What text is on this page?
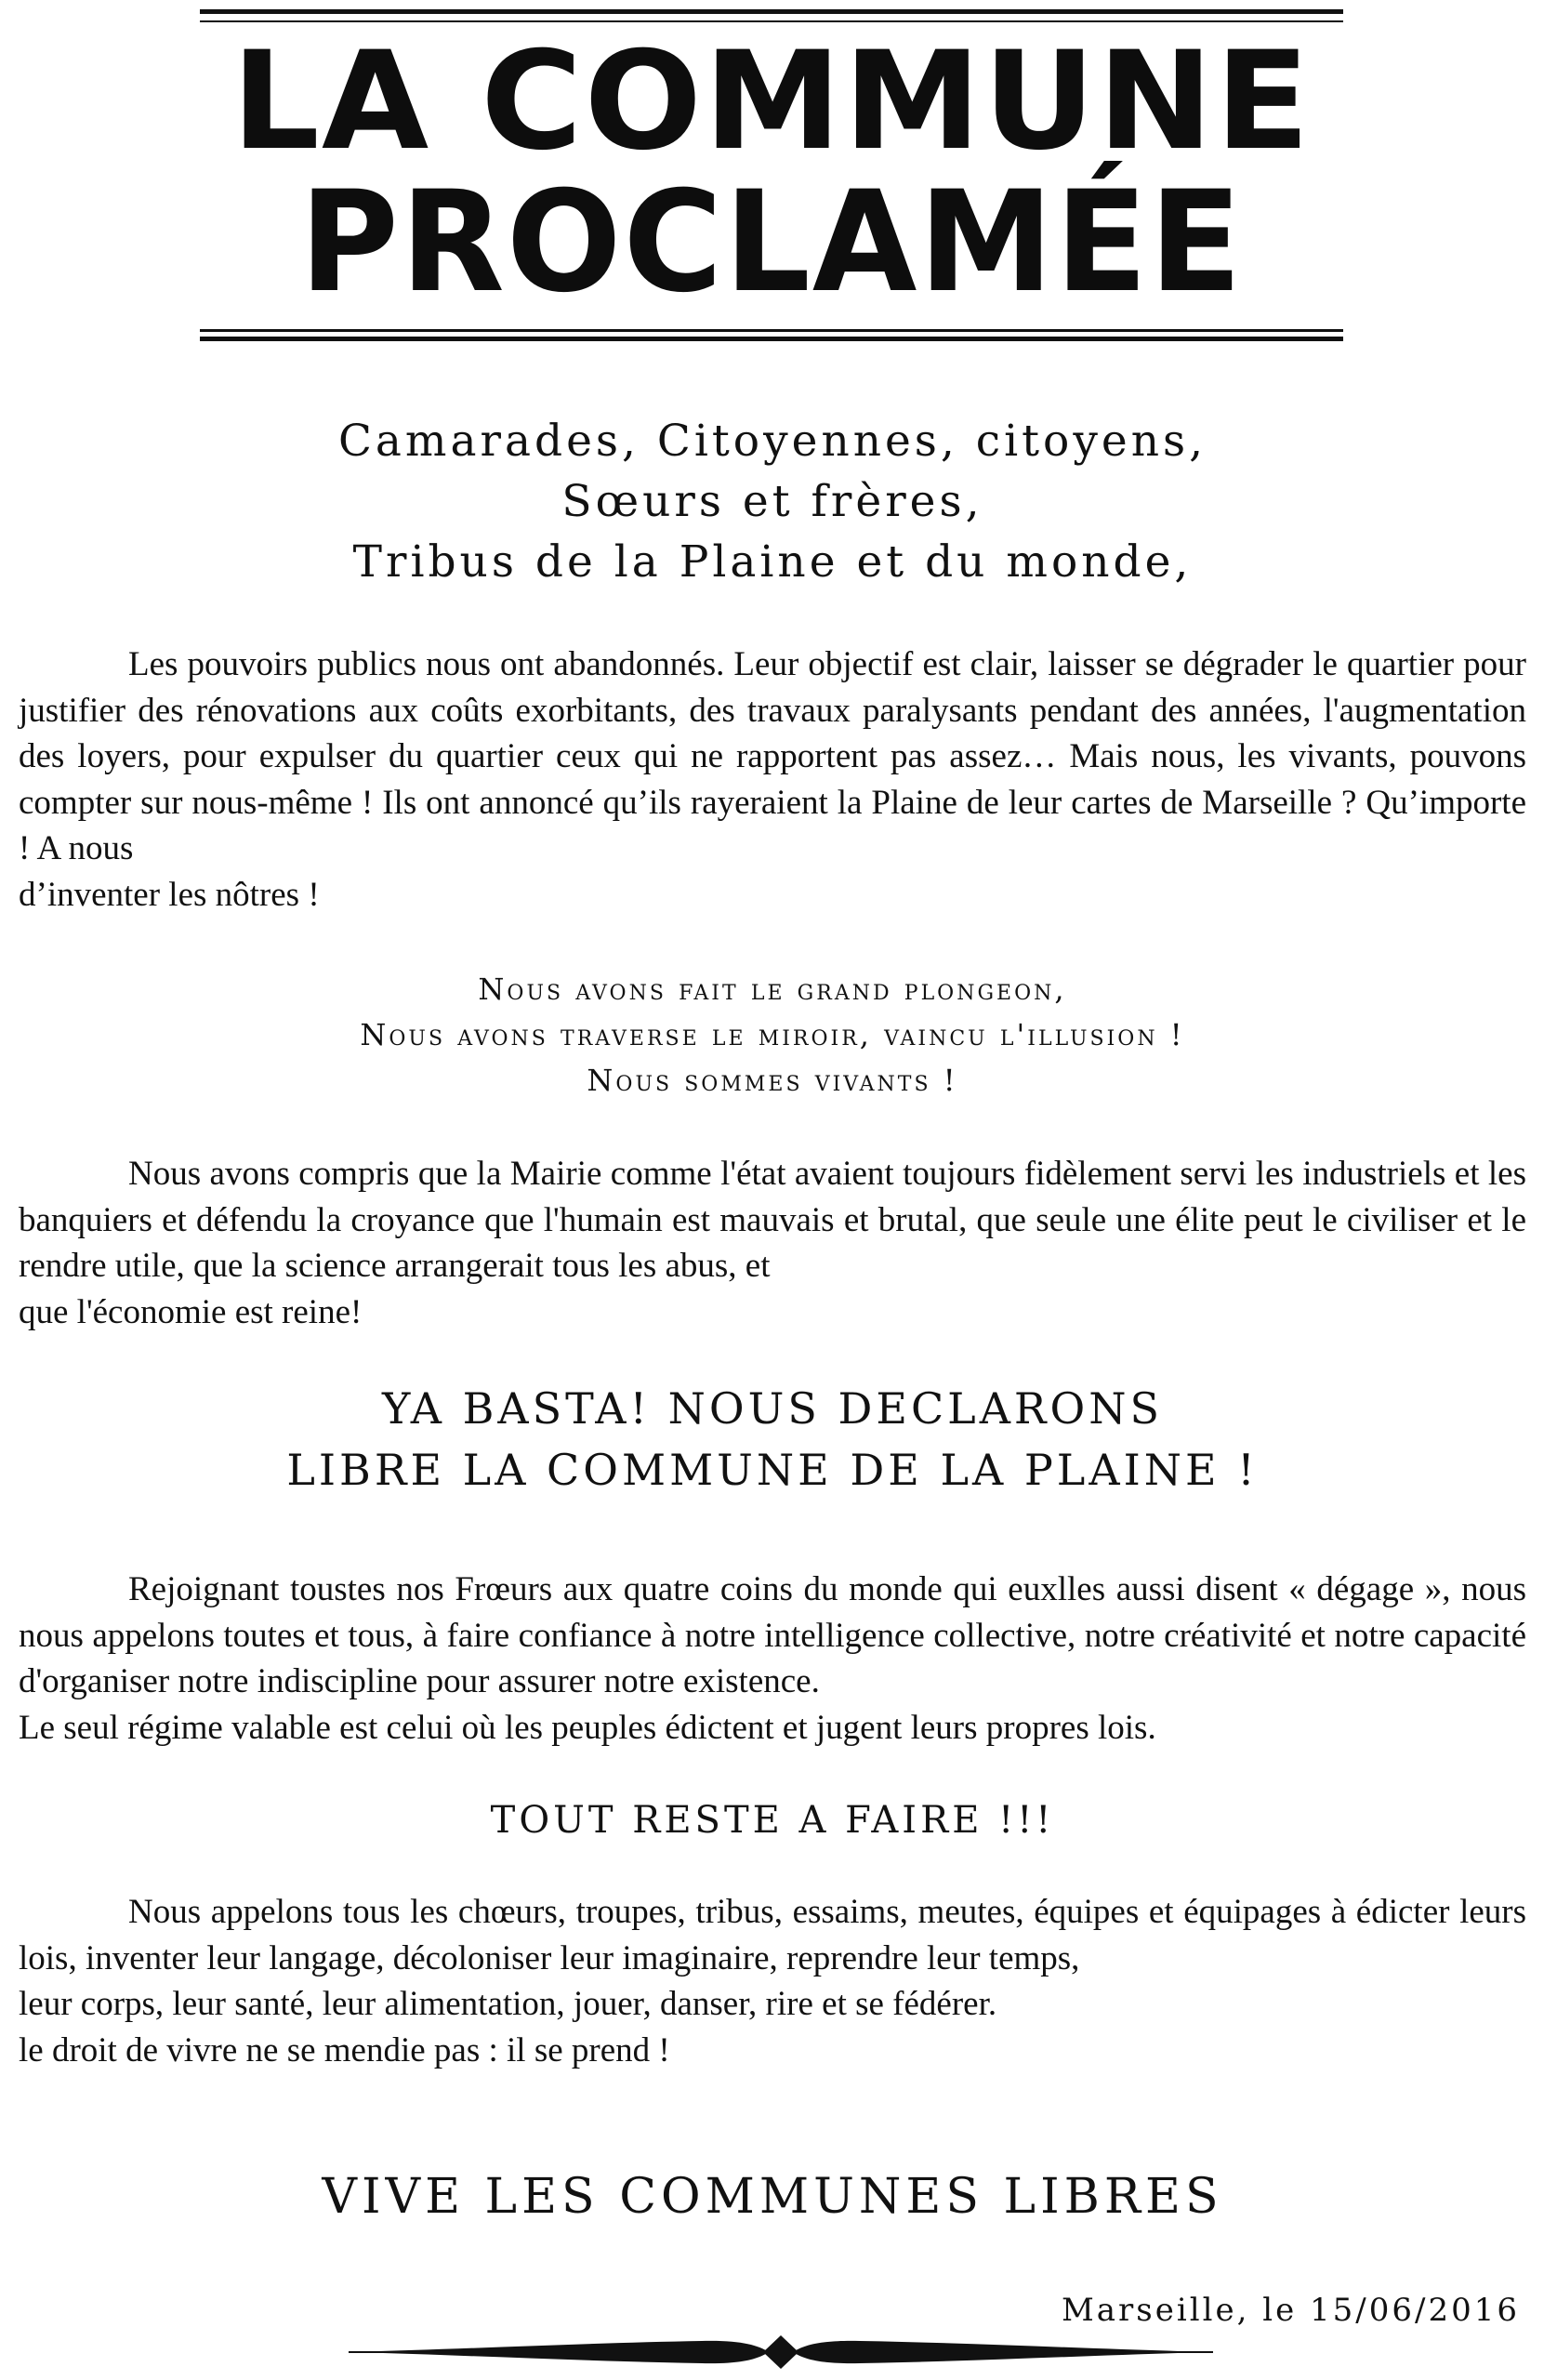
LA COMMUNE
PROCLAMÉE
Camarades, Citoyennes, citoyens,
Sœurs et frères,
Tribus de la Plaine et du monde,
Les pouvoirs publics nous ont abandonnés. Leur objectif est clair, laisser se dégrader le quartier pour justifier des rénovations aux coûts exorbitants, des travaux paralysants pendant des années, l'augmentation des loyers, pour expulser du quartier ceux qui ne rapportent pas assez… Mais nous, les vivants, pouvons compter sur nous-même ! Ils ont annoncé qu’ils rayeraient la Plaine de leur cartes de Marseille ? Qu’importe ! A nous
d’inventer les nôtres !
Nous avons fait le grand plongeon,
Nous avons traverse le miroir, vaincu l'illusion !
Nous sommes vivants !
Nous avons compris que la Mairie comme l'état avaient toujours fidèlement servi les industriels et les banquiers et défendu la croyance que l'humain est mauvais et brutal, que seule une élite peut le civiliser et le rendre utile, que la science arrangerait tous les abus, et
que l'économie est reine!
YA BASTA! NOUS DECLARONS
LIBRE LA COMMUNE DE LA PLAINE !
Rejoignant toustes nos Frœurs aux quatre coins du monde qui euxlles aussi disent « dégage », nous nous appelons toutes et tous, à faire confiance à notre intelligence collective, notre créativité et notre capacité d'organiser notre indiscipline pour assurer notre existence.
Le seul régime valable est celui où les peuples édictent et jugent leurs propres lois.
TOUT RESTE A FAIRE !!!
Nous appelons tous les chœurs, troupes, tribus, essaims, meutes, équipes et équipages à édicter leurs lois, inventer leur langage, décoloniser leur imaginaire, reprendre leur temps,
leur corps, leur santé, leur alimentation, jouer, danser, rire et se fédérer.
le droit de vivre ne se mendie pas : il se prend !
VIVE LES COMMUNES LIBRES
Marseille, le 15/06/2016
